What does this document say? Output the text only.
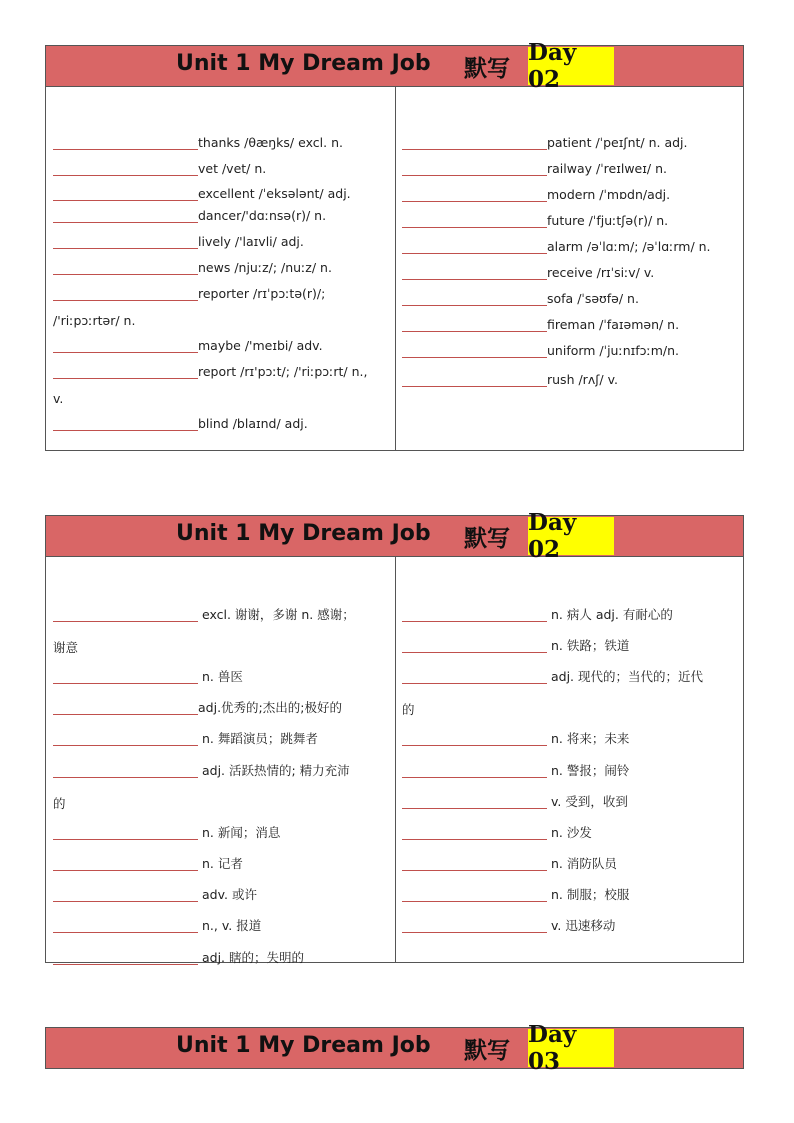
Unit 1 My Dream Job 默写
Day 02
thanks /θæŋks/ excl. n.
vet /vet/ n.
excellent /ˈeksələnt/ adj.
dancer/'dɑːnsə(r)/ n.
lively /'laɪvli/ adj.
news /njuːz/; /nuːz/ n.
reporter /rɪˈpɔːtə(r)/;
/'riːpɔːrtər/ n.
maybe /'meɪbi/ adv.
report /rɪ'pɔːt/; /'riːpɔːrt/ n.,
v.
blind /blaɪnd/ adj.
patient /ˈpeɪʃnt/ n. adj.
railway /ˈreɪlweɪ/ n.
modern /ˈmɒdn/adj.
future /ˈfjuːtʃə(r)/ n.
alarm /əˈlɑːm/; /əˈlɑːrm/ n.
receive /rɪˈsiːv/ v.
sofa /ˈsəʊfə/ n.
fireman /ˈfaɪəmən/ n.
uniform /ˈjuːnɪfɔːm/n.
rush /rʌʃ/ v.
Unit 1 My Dream Job 默写
Day 02
excl. 谢谢，多谢 n. 感谢；
谢意
n. 兽医
adj.优秀的;杰出的;极好的
n. 舞蹈演员；跳舞者
adj. 活跃热情的; 精力充沛
的
n. 新闻；消息
n. 记者
adv. 或许
n., v. 报道
adj. 瞎的；失明的
n. 病人 adj. 有耐心的
n. 铁路；铁道
adj. 现代的；当代的；近代
的
n. 将来；未来
n. 警报；闹铃
v. 受到，收到
n. 沙发
n. 消防队员
n. 制服；校服
v. 迅速移动
Unit 1 My Dream Job 默写
Day 03
